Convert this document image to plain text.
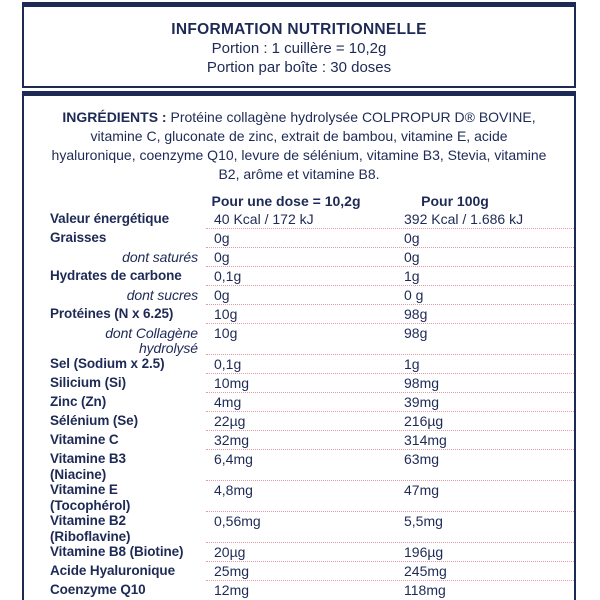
INFORMATION NUTRITIONNELLE

Portion : 1 cuillère = 10,2g

Portion par boîte : 30 doses

INGRÉDIENTS : Protéine collagène hydrolysée COLPROPUR D® BOVINE, vitamine C, gluconate de zinc, extrait de bambou, vitamine E, acide hyaluronique, coenzyme Q10, levure de sélénium, vitamine B3, Stevia, vitamine B2, arôme et vitamine B8.

Pour une dose = 10,2g	Pour 100g
Valeur énergétique	40 Kcal / 172 kJ	392 Kcal / 1.686 kJ
Graisses	0g	0g
dont saturés	0g	0g
Hydrates de carbone	0,1g	1g
dont sucres	0g	0 g
Protéines (N x 6.25)	10g	98g
dont Collagène
hydrolysé
10g	98g
Sel (Sodium x 2.5)	0,1g	1g
Silicium (Si)	10mg	98mg
Zinc (Zn)	4mg	39mg
Sélénium (Se)	22µg	216µg
Vitamine C	32mg	314mg
Vitamine B3
(Niacine)
6,4mg	63mg
Vitamine E
(Tocophérol)
4,8mg	47mg
Vitamine B2
(Riboflavine)
0,56mg	5,5mg
Vitamine B8 (Biotine)	20µg	196µg
Acide Hyaluronique	25mg	245mg
Coenzyme Q10	12mg	118mg
